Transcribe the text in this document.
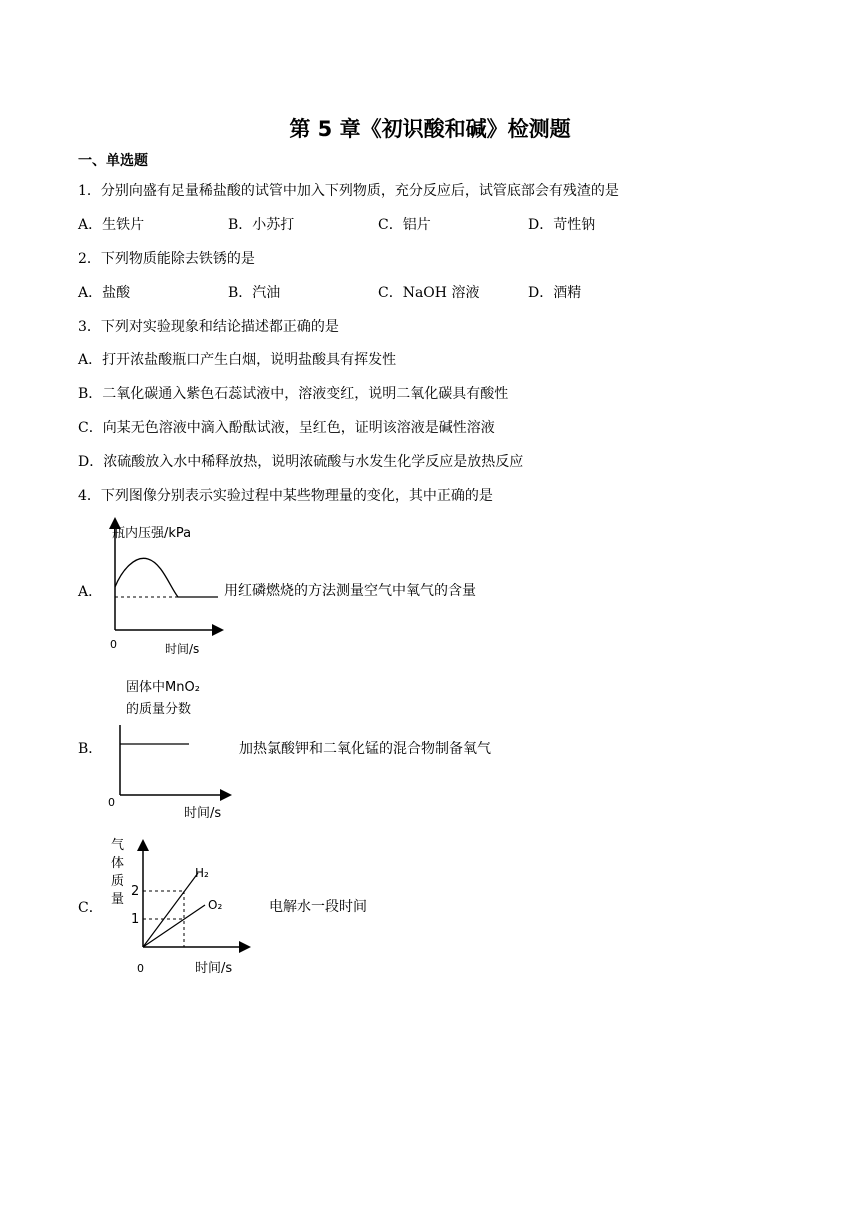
第 5 章《初识酸和碱》检测题
一、单选题
1．分别向盛有足量稀盐酸的试管中加入下列物质，充分反应后，试管底部会有残渣的是
A．生铁片	B．小苏打	C．铝片	D．苛性钠
2．下列物质能除去铁锈的是
A．盐酸	B．汽油	C．NaOH 溶液	D．酒精
3．下列对实验现象和结论描述都正确的是
A．打开浓盐酸瓶口产生白烟，说明盐酸具有挥发性
B．二氧化碳通入紫色石蕊试液中，溶液变红，说明二氧化碳具有酸性
C．向某无色溶液中滴入酚酞试液，呈红色，证明该溶液是碱性溶液
D．浓硫酸放入水中稀释放热，说明浓硫酸与水发生化学反应是放热反应
4．下列图像分别表示实验过程中某些物理量的变化，其中正确的是
A．
瓶内压强/kPa
0	时间/s
用红磷燃烧的方法测量空气中氧气的含量
B．
固体中MnO₂
的质量分数
0
时间/s
加热氯酸钾和二氧化锰的混合物制备氧气
C．
气
体
质
量
2
1
H₂
O₂
0	时间/s
电解水一段时间
